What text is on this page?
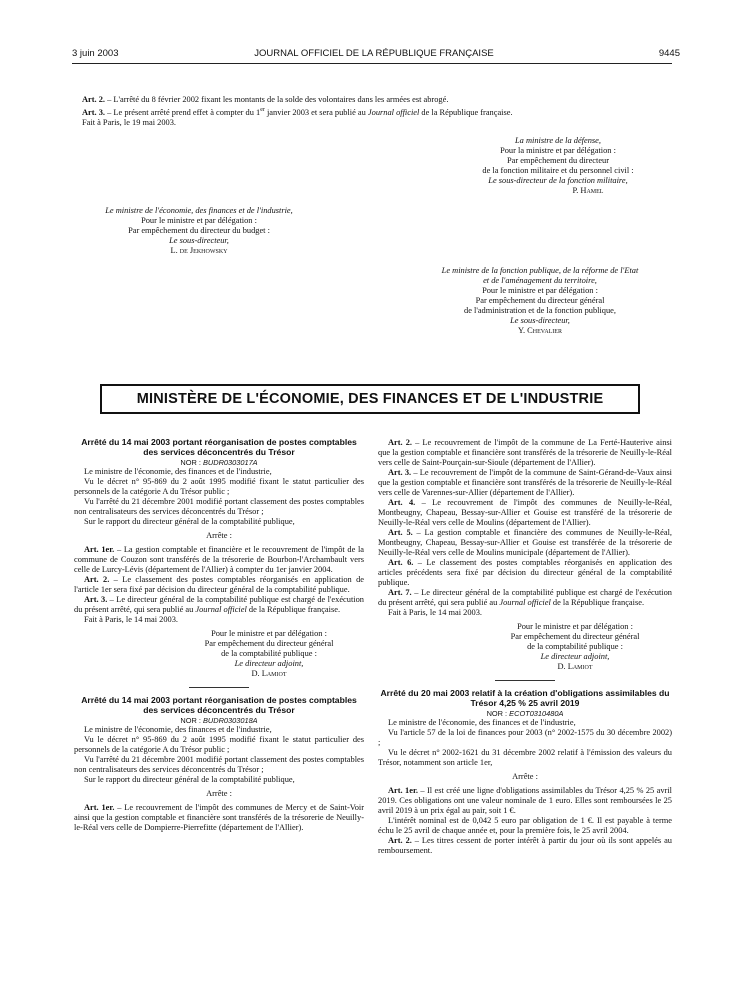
3 juin 2003	JOURNAL OFFICIEL DE LA RÉPUBLIQUE FRANÇAISE	9445

Art. 2. – L'arrêté du 8 février 2002 fixant les montants de la solde des volontaires dans les armées est abrogé.

Art. 3. – Le présent arrêté prend effet à compter du 1er janvier 2003 et sera publié au Journal officiel de la République française.

Fait à Paris, le 19 mai 2003.

La ministre de la défense,

Pour la ministre et par délégation :

Par empêchement du directeur

de la fonction militaire et du personnel civil :

Le sous-directeur de la fonction militaire,

P. Hamel

Le ministre de l'économie, des finances et de l'industrie,

Pour le ministre et par délégation :

Par empêchement du directeur du budget :

Le sous-directeur,

L. de Jekhowsky

Le ministre de la fonction publique, de la réforme de l'Etat

et de l'aménagement du territoire,

Pour le ministre et par délégation :

Par empêchement du directeur général

de l'administration et de la fonction publique,

Le sous-directeur,

Y. Chevalier

MINISTÈRE DE L'ÉCONOMIE, DES FINANCES ET DE L'INDUSTRIE

Arrêté du 14 mai 2003 portant réorganisation de postes comptables des services déconcentrés du Trésor

NOR : BUDR0303017A

Le ministre de l'économie, des finances et de l'industrie,

Vu le décret n° 95-869 du 2 août 1995 modifié fixant le statut particulier des personnels de la catégorie A du Trésor public ;

Vu l'arrêté du 21 décembre 2001 modifié portant classement des postes comptables non centralisateurs des services déconcentrés du Trésor ;

Sur le rapport du directeur général de la comptabilité publique,

Arrête :

Art. 1er. – La gestion comptable et financière et le recouvrement de l'impôt de la commune de Couzon sont transférés de la trésorerie de Bourbon-l'Archambault vers celle de Lurcy-Lévis (département de l'Allier) à compter du 1er janvier 2004.

Art. 2. – Le classement des postes comptables réorganisés en application de l'article 1er sera fixé par décision du directeur général de la comptabilité publique.

Art. 3. – Le directeur général de la comptabilité publique est chargé de l'exécution du présent arrêté, qui sera publié au Journal officiel de la République française.

Fait à Paris, le 14 mai 2003.

Pour le ministre et par délégation :

Par empêchement du directeur général

de la comptabilité publique :

Le directeur adjoint,

D. Lamiot

Arrêté du 14 mai 2003 portant réorganisation de postes comptables des services déconcentrés du Trésor

NOR : BUDR0303018A

Le ministre de l'économie, des finances et de l'industrie,

Vu le décret n° 95-869 du 2 août 1995 modifié fixant le statut particulier des personnels de la catégorie A du Trésor public ;

Vu l'arrêté du 21 décembre 2001 modifié portant classement des postes comptables non centralisateurs des services déconcentrés du Trésor ;

Sur le rapport du directeur général de la comptabilité publique,

Arrête :

Art. 1er. – Le recouvrement de l'impôt des communes de Mercy et de Saint-Voir ainsi que la gestion comptable et financière sont transférés de la trésorerie de Neuilly-le-Réal vers celle de Dompierre-Pierrefitte (département de l'Allier).

Art. 2. – Le recouvrement de l'impôt de la commune de La Ferté-Hauterive ainsi que la gestion comptable et financière sont transférés de la trésorerie de Neuilly-le-Réal vers celle de Saint-Pourçain-sur-Sioule (département de l'Allier).

Art. 3. – Le recouvrement de l'impôt de la commune de Saint-Gérand-de-Vaux ainsi que la gestion comptable et financière sont transférés de la trésorerie de Neuilly-le-Réal vers celle de Varennes-sur-Allier (département de l'Allier).

Art. 4. – Le recouvrement de l'impôt des communes de Neuilly-le-Réal, Montbeugny, Chapeau, Bessay-sur-Allier et Gouise est transféré de la trésorerie de Neuilly-le-Réal vers celle de Moulins (département de l'Allier).

Art. 5. – La gestion comptable et financière des communes de Neuilly-le-Réal, Montbeugny, Chapeau, Bessay-sur-Allier et Gouise est transférée de la trésorerie de Neuilly-le-Réal vers celle de Moulins municipale (département de l'Allier).

Art. 6. – Le classement des postes comptables réorganisés en application des articles précédents sera fixé par décision du directeur général de la comptabilité publique.

Art. 7. – Le directeur général de la comptabilité publique est chargé de l'exécution du présent arrêté, qui sera publié au Journal officiel de la République française.

Fait à Paris, le 14 mai 2003.

Pour le ministre et par délégation :

Par empêchement du directeur général

de la comptabilité publique :

Le directeur adjoint,

D. Lamiot

Arrêté du 20 mai 2003 relatif à la création d'obligations assimilables du Trésor 4,25 % 25 avril 2019

NOR : ECOT0310480A

Le ministre de l'économie, des finances et de l'industrie,

Vu l'article 57 de la loi de finances pour 2003 (n° 2002-1575 du 30 décembre 2002) ;

Vu le décret n° 2002-1621 du 31 décembre 2002 relatif à l'émission des valeurs du Trésor, notamment son article 1er,

Arrête :

Art. 1er. – Il est créé une ligne d'obligations assimilables du Trésor 4,25 % 25 avril 2019. Ces obligations ont une valeur nominale de 1 euro. Elles sont remboursées le 25 avril 2019 à un prix égal au pair, soit 1 €.

L'intérêt nominal est de 0,042 5 euro par obligation de 1 €. Il est payable à terme échu le 25 avril de chaque année et, pour la première fois, le 25 avril 2004.

Art. 2. – Les titres cessent de porter intérêt à partir du jour où ils sont appelés au remboursement.
